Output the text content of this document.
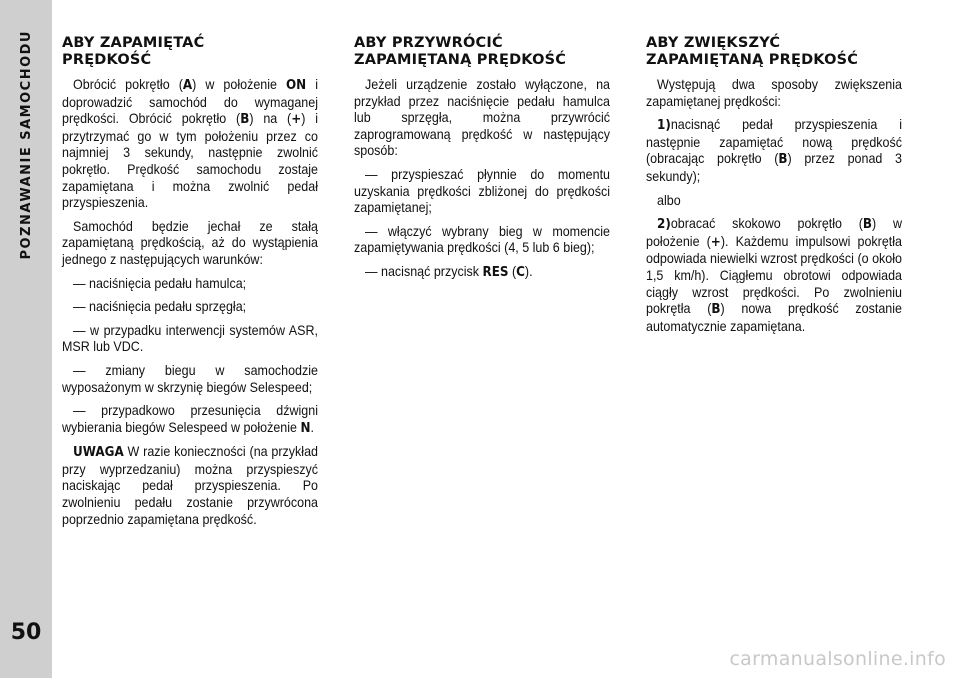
POZNAWANIE SAMOCHODU
50
ABY ZAPAMIĘTAĆ
PRĘDKOŚĆ

Obrócić pokrętło (A) w położenie ON i doprowadzić samochód do wymaganej prędkości. Obrócić pokrętło (B) na (+) i przytrzymać go w tym położeniu przez co najmniej 3 sekundy, następnie zwolnić pokrętło. Prędkość samochodu zostaje zapamiętana i można zwolnić pedał przyspieszenia.

Samochód będzie jechał ze stałą zapamiętaną prędkością, aż do wystąpienia jednego z następujących warunków:

— naciśnięcia pedału hamulca;

— naciśnięcia pedału sprzęgła;

— w przypadku interwencji systemów ASR, MSR lub VDC.

— zmiany biegu w samochodzie wyposażonym w skrzynię biegów Selespeed;

— przypadkowo przesunięcia dźwigni wybierania biegów Selespeed w położenie N.

UWAGA W razie konieczności (na przykład przy wyprzedzaniu) można przyspieszyć naciskając pedał przyspieszenia. Po zwolnieniu pedału zostanie przywrócona poprzednio zapamiętana prędkość.

ABY PRZYWRÓCIĆ
ZAPAMIĘTANĄ PRĘDKOŚĆ

Jeżeli urządzenie zostało wyłączone, na przykład przez naciśnięcie pedału hamulca lub sprzęgła, można przywrócić zaprogramowaną prędkość w następujący sposób:

— przyspieszać płynnie do momentu uzyskania prędkości zbliżonej do prędkości zapamiętanej;

— włączyć wybrany bieg w momencie zapamiętywania prędkości (4, 5 lub 6 bieg);

— nacisnąć przycisk RES (C).

ABY ZWIĘKSZYĆ
ZAPAMIĘTANĄ PRĘDKOŚĆ

Występują dwa sposoby zwiększenia zapamiętanej prędkości:

1)nacisnąć pedał przyspieszenia i następnie zapamiętać nową prędkość (obracając pokrętło (B) przez ponad 3 sekundy);

albo

2)obracać skokowo pokrętło (B) w położenie (+). Każdemu impulsowi pokrętła odpowiada niewielki wzrost prędkości (o około 1,5 km/h). Ciągłemu obrotowi odpowiada ciągły wzrost prędkości. Po zwolnieniu pokrętła (B) nowa prędkość zostanie automatycznie zapamiętana.

carmanualsonline.info
